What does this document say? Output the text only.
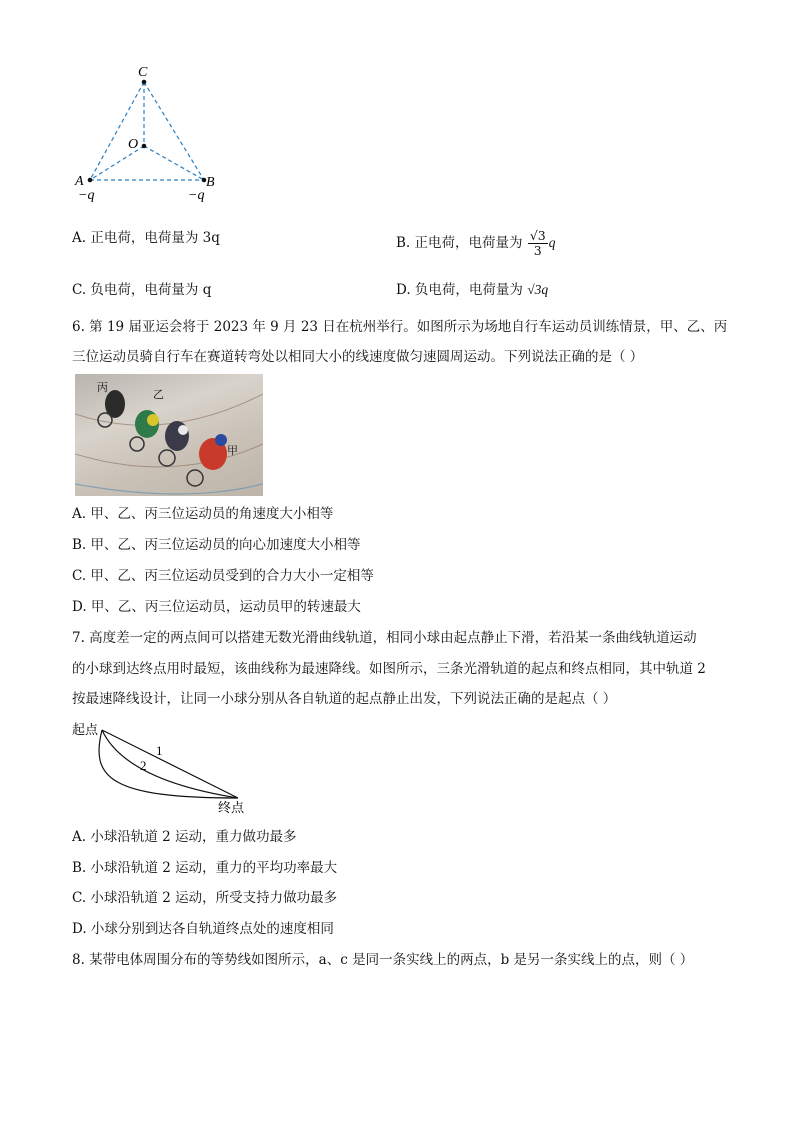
C
O
A	B
−q	−q
A. 正电荷，电荷量为 3q	B. 正电荷，电荷量为 $\frac{√3}{3}$ q
C. 负电荷，电荷量为 q	D. 负电荷，电荷量为 √3q
6. 第 19 届亚运会将于 2023 年 9 月 23 日在杭州举行。如图所示为场地自行车运动员训练情景，甲、乙、丙
三位运动员骑自行车在赛道转弯处以相同大小的线速度做匀速圆周运动。下列说法正确的是（ ）
丙
乙
甲
A. 甲、乙、丙三位运动员的角速度大小相等
B. 甲、乙、丙三位运动员的向心加速度大小相等
C. 甲、乙、丙三位运动员受到的合力大小一定相等
D. 甲、乙、丙三位运动员，运动员甲的转速最大
7. 高度差一定的两点间可以搭建无数光滑曲线轨道，相同小球由起点静止下滑，若沿某一条曲线轨道运动
的小球到达终点用时最短，该曲线称为最速降线。如图所示，三条光滑轨道的起点和终点相同，其中轨道 2
按最速降线设计，让同一小球分别从各自轨道的起点静止出发，下列说法正确的是起点（ ）
起点
终点
1
2
A. 小球沿轨道 2 运动，重力做功最多
B. 小球沿轨道 2 运动，重力的平均功率最大
C. 小球沿轨道 2 运动，所受支持力做功最多
D. 小球分别到达各自轨道终点处的速度相同
8. 某带电体周围分布的等势线如图所示，a、c 是同一条实线上的两点，b 是另一条实线上的点，则（ ）
